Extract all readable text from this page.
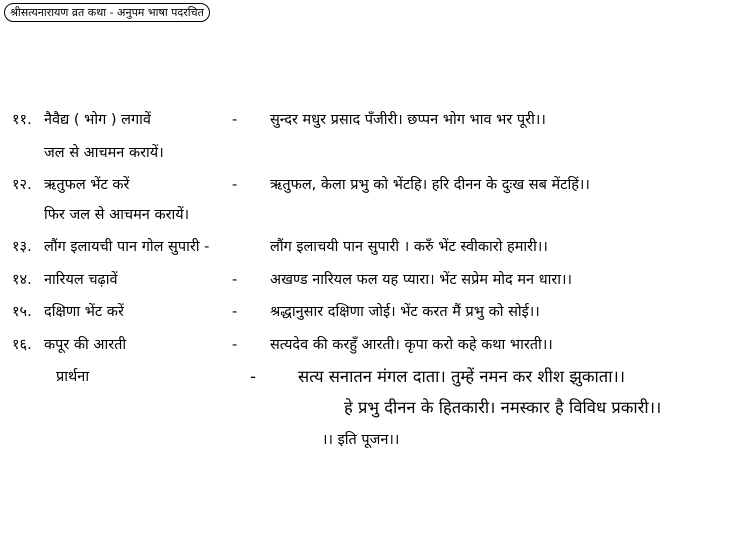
श्रीसत्यनारायण व्रत कथा - अनुपम भाषा पदरचित
११. नैवैद्य ( भोग ) लगावें	- सुन्दर मधुर प्रसाद पँजीरी। छप्पन भोग भाव भर पूरी।।
जल से आचमन करायें।
१२. ऋतुफल भेंट करें	- ऋतुफल, केला प्रभु को भेंटहि। हरि दीनन के दुःख सब मेंटहिं।।
फिर जल से आचमन करायें।
१३. लौंग इलायची पान गोल सुपारी -	लौंग इलाचयी पान सुपारी । करुँ भेंट स्वीकारो हमारी।।
१४. नारियल चढ़ावें	- अखण्ड नारियल फल यह प्यारा। भेंट सप्रेम मोद मन धारा।।
१५. दक्षिणा भेंट करें	- श्रद्धानुसार दक्षिणा जोई। भेंट करत मैं प्रभु को सोई।।
१६. कपूर की आरती	- सत्यदेव की करहुँ आरती। कृपा करो कहे कथा भारती।।
प्रार्थना	-	सत्य सनातन मंगल दाता। तुम्हें नमन कर शीश झुकाता।।
हे प्रभु दीनन के हितकारी। नमस्कार है विविध प्रकारी।।
।। इति पूजन।।
